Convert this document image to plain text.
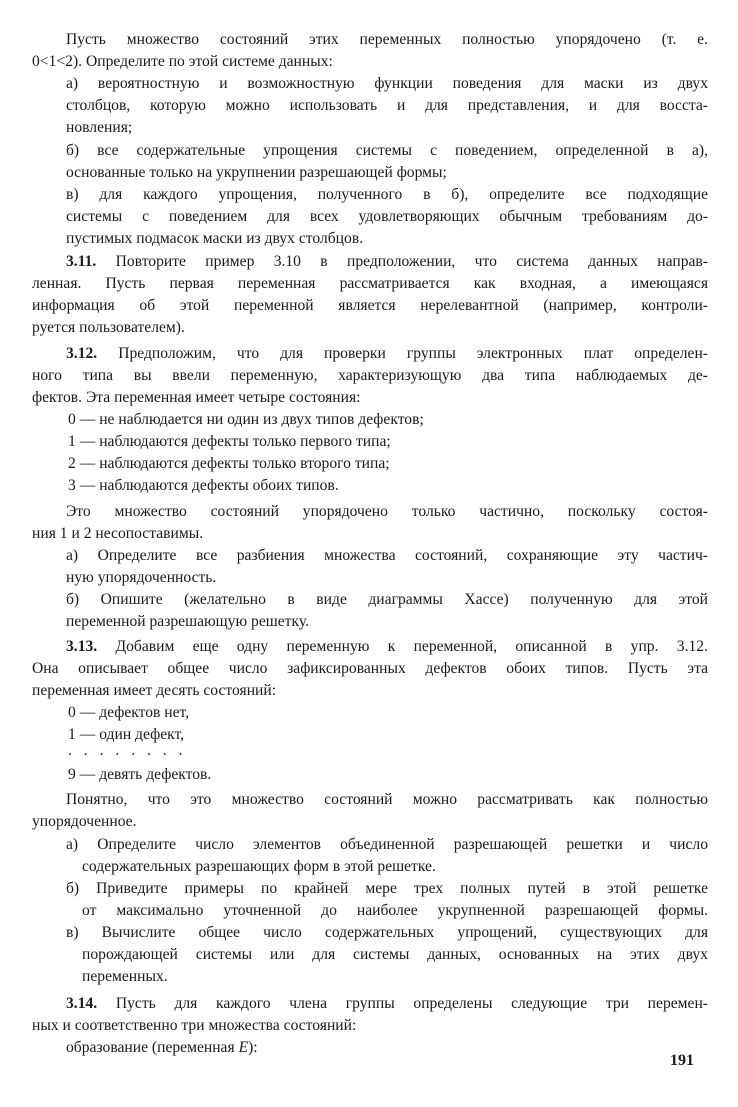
Пусть множество состояний этих переменных полностью упорядочено (т. е.
0<1<2). Определите по этой системе данных:
а) вероятностную и возможностную функции поведения для маски из двух
столбцов, которую можно использовать и для представления, и для восста-
новления;
б) все содержательные упрощения системы с поведением, определенной в а),
основанные только на укрупнении разрешающей формы;
в) для каждого упрощения, полученного в б), определите все подходящие
системы с поведением для всех удовлетворяющих обычным требованиям до-
пустимых подмасок маски из двух столбцов.
3.11. Повторите пример 3.10 в предположении, что система данных направ-
ленная. Пусть первая переменная рассматривается как входная, а имеющаяся
информация об этой переменной является нерелевантной (например, контроли-
руется пользователем).
3.12. Предположим, что для проверки группы электронных плат определен-
ного типа вы ввели переменную, характеризующую два типа наблюдаемых де-
фектов. Эта переменная имеет четыре состояния:
0 — не наблюдается ни один из двух типов дефектов;
1 — наблюдаются дефекты только первого типа;
2 — наблюдаются дефекты только второго типа;
3 — наблюдаются дефекты обоих типов.
Это множество состояний упорядочено только частично, поскольку состоя-
ния 1 и 2 несопоставимы.
а) Определите все разбиения множества состояний, сохраняющие эту частич-
ную упорядоченность.
б) Опишите (желательно в виде диаграммы Хассе) полученную для этой
переменной разрешающую решетку.
3.13. Добавим еще одну переменную к переменной, описанной в упр. 3.12.
Она описывает общее число зафиксированных дефектов обоих типов. Пусть эта
переменная имеет десять состояний:
0 — дефектов нет,
1 — один дефект,
. . . . . . . .
9 — девять дефектов.
Понятно, что это множество состояний можно рассматривать как полностью
упорядоченное.
а) Определите число элементов объединенной разрешающей решетки и число
содержательных разрешающих форм в этой решетке.
б) Приведите примеры по крайней мере трех полных путей в этой решетке
от максимально уточненной до наиболее укрупненной разрешающей формы.
в) Вычислите общее число содержательных упрощений, существующих для
порождающей системы или для системы данных, основанных на этих двух
переменных.
3.14. Пусть для каждого члена группы определены следующие три перемен-
ных и соответственно три множества состояний:
образование (переменная E):
191
